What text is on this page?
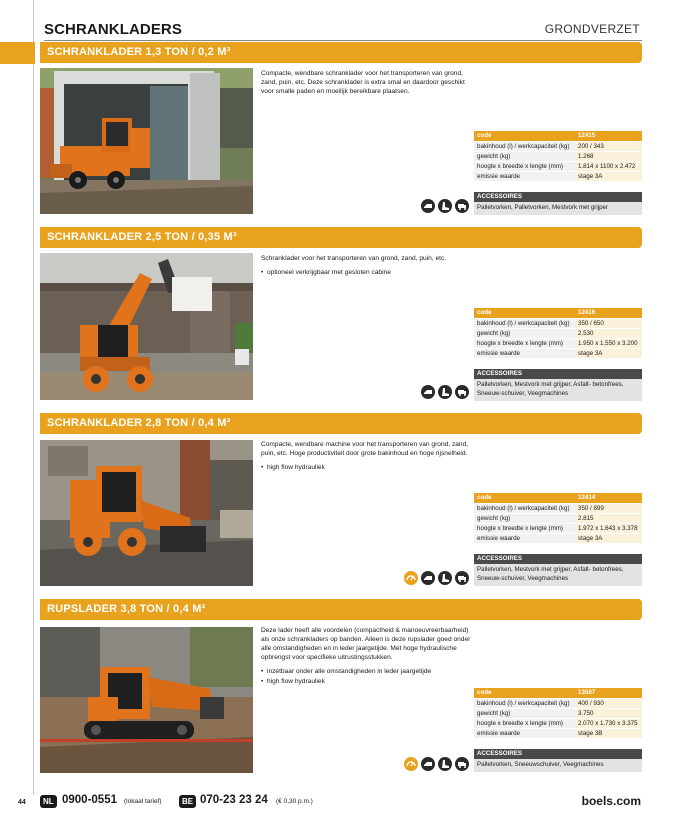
SCHRANKLADERS	GRONDVERZET
SCHRANKLADER 1,3 TON / 0,2 M³

Compacte, wendbare schranklader voor het transporteren van grond, zand, puin, etc. Deze schranklader is extra smal en daardoor geschikt voor smalle paden en moeilijk bereikbare plaatsen.

code	12415
bakinhoud (l) / werkcapaciteit (kg)	200 / 343
gewicht (kg)	1.268
hoogte x breedte x lengte (mm)	1.814 x 1100 x 2.472
emissie waarde	stage 3A
ACCESSOIRES
Palletvorken, Palletvorken, Mestvork met grijper
SCHRANKLADER 2,5 TON / 0,35 M³

Schranklader voor het transporteren van grond, zand, puin, etc.

•  optioneel verkrijgbaar met gesloten cabine
code	12416
bakinhoud (l) / werkcapaciteit (kg)	350 / 650
gewicht (kg)	2.530
hoogte x breedte x lengte (mm)	1.950 x 1.550 x 3.200
emissie waarde	stage 3A
ACCESSOIRES
Palletvorken, Mestvork met grijper, Asfalt- betonfrees, Sneeuw-schuiver, Veegmachines
SCHRANKLADER 2,8 TON / 0,4 M³

Compacte, wendbare machine voor het transporteren van grond, zand, puin, etc. Hoge productiviteit door grote bakinhoud en hoge rijsnelheid.

•  high flow hydrauliek
code	12414
bakinhoud (l) / werkcapaciteit (kg)	350 / 899
gewicht (kg)	2.815
hoogte x breedte x lengte (mm)	1.972 x 1.643 x 3.378
emissie waarde	stage 3A
ACCESSOIRES
Palletvorken, Mestvork met grijper, Asfalt- betonfrees, Sneeuw-schuiver, Veegmachines
RUPSLADER 3,8 TON / 0,4 M³

Deze lader heeft alle voordelen (compactheid & manoeuvreerbaarheid) als onze schrankladers op banden. Alleen is deze rupslader goed onder alle omstandigheden en in leder jaargetijde. Met hoge hydraulische opbrengst voor specifieke uitrustingsstukken.

•  inzetbaar onder alle omstandigheden in leder jaargetijde
•  high flow hydrauliek
code	13587
bakinhoud (l) / werkcapaciteit (kg)	400 / 930
gewicht (kg)	3.750
hoogte x breedte x lengte (mm)	2.070 x 1.730 x 3.375
emissie waarde	stage 3B
ACCESSOIRES
Palletvorken, Sneeuwschuiver, Veegmachines
44	NL 0900-0551 (lokaal tarief)	BE 070-23 23 24 (€ 0,30 p.m.)	boels.com
